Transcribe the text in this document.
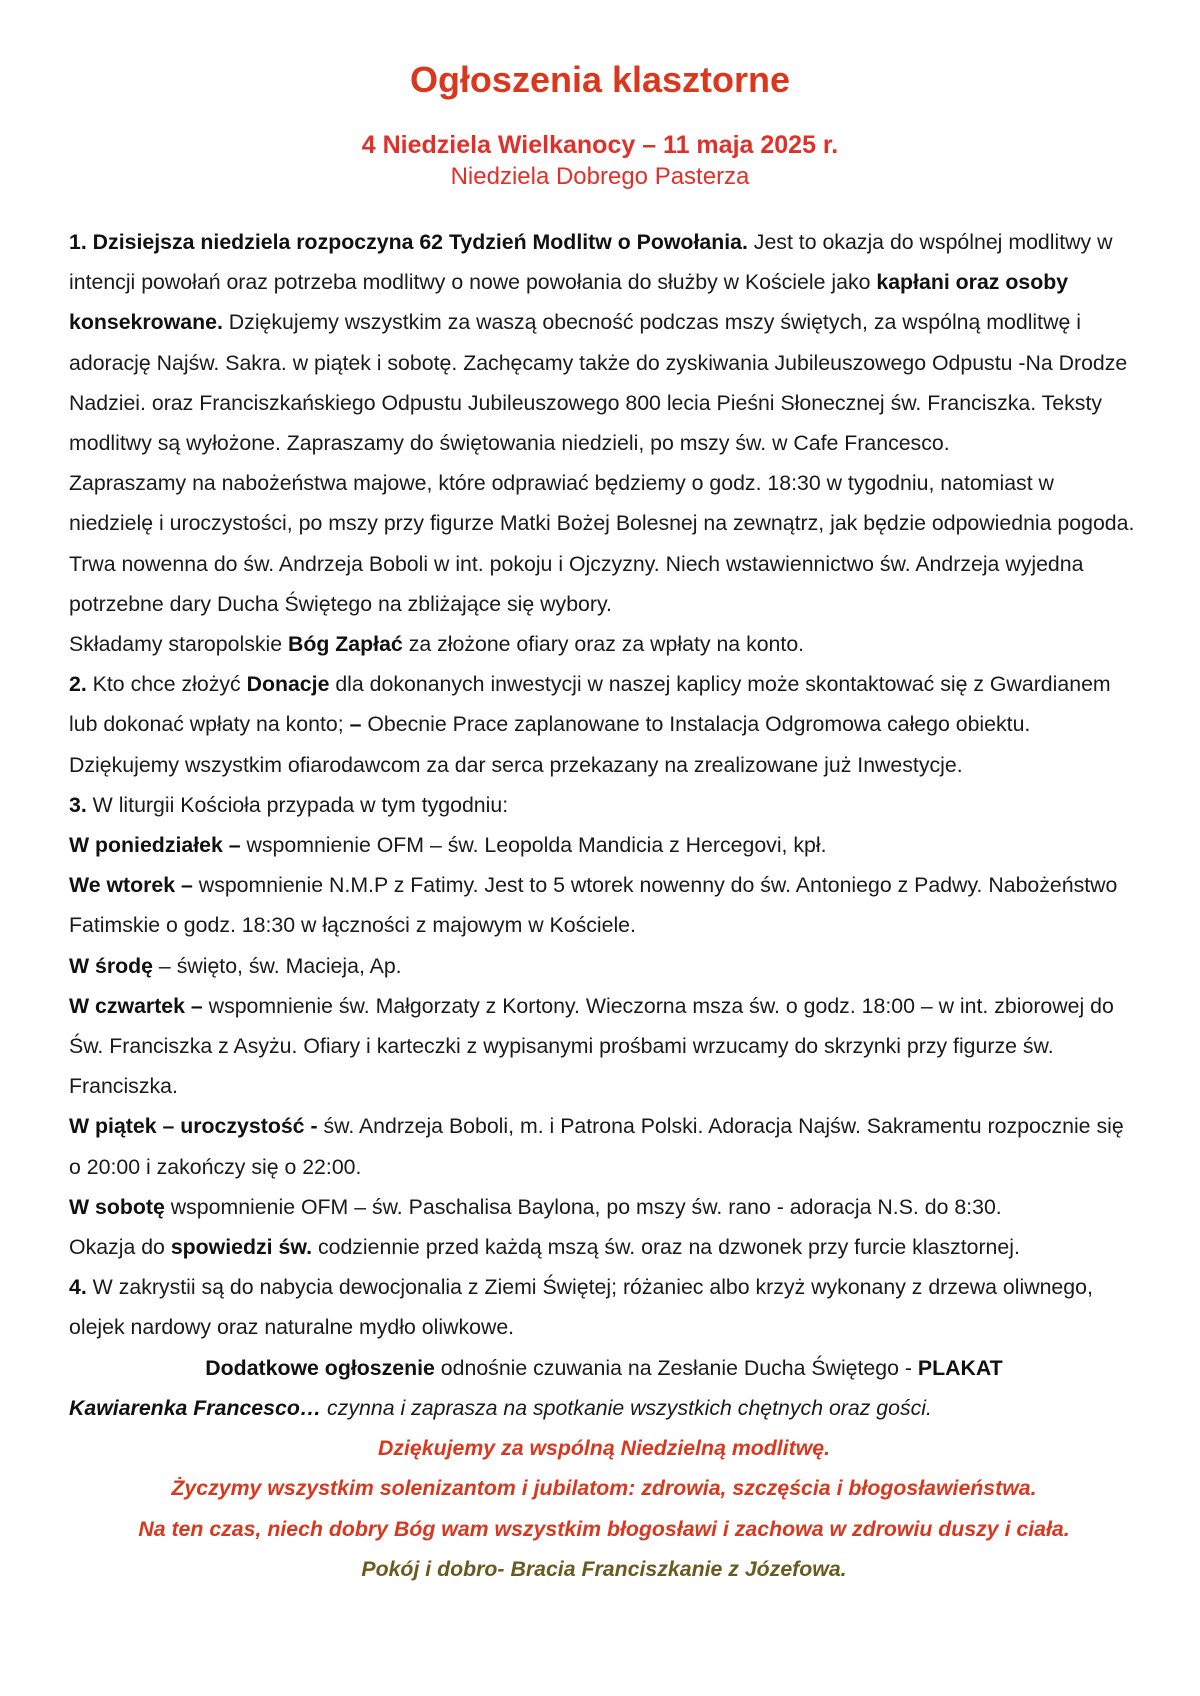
Ogłoszenia klasztorne
4 Niedziela Wielkanocy – 11 maja 2025 r.
Niedziela Dobrego Pasterza

1. Dzisiejsza niedziela rozpoczyna 62 Tydzień Modlitw o Powołania. Jest to okazja do wspólnej modlitwy w intencji powołań oraz potrzeba modlitwy o nowe powołania do służby w Kościele jako kapłani oraz osoby konsekrowane. Dziękujemy wszystkim za waszą obecność podczas mszy świętych, za wspólną modlitwę i adorację Najśw. Sakra. w piątek i sobotę. Zachęcamy także do zyskiwania Jubileuszowego Odpustu -Na Drodze Nadziei. oraz Franciszkańskiego Odpustu Jubileuszowego 800 lecia Pieśni Słonecznej św. Franciszka. Teksty modlitwy są wyłożone. Zapraszamy do świętowania niedzieli, po mszy św. w Cafe Francesco.

Zapraszamy na nabożeństwa majowe, które odprawiać będziemy o godz. 18:30 w tygodniu, natomiast w niedzielę i uroczystości, po mszy przy figurze Matki Bożej Bolesnej na zewnątrz, jak będzie odpowiednia pogoda. Trwa nowenna do św. Andrzeja Boboli w int. pokoju i Ojczyzny. Niech wstawiennictwo św. Andrzeja wyjedna potrzebne dary Ducha Świętego na zbliżające się wybory.

Składamy staropolskie Bóg Zapłać za złożone ofiary oraz za wpłaty na konto.

2. Kto chce złożyć Donacje dla dokonanych inwestycji w naszej kaplicy może skontaktować się z Gwardianem lub dokonać wpłaty na konto; – Obecnie Prace zaplanowane to Instalacja Odgromowa całego obiektu. Dziękujemy wszystkim ofiarodawcom za dar serca przekazany na zrealizowane już Inwestycje.

3. W liturgii Kościoła przypada w tym tygodniu:

W poniedziałek – wspomnienie OFM – św. Leopolda Mandicia z Hercegovi, kpł.

We wtorek – wspomnienie N.M.P z Fatimy. Jest to 5 wtorek nowenny do św. Antoniego z Padwy. Nabożeństwo Fatimskie o godz. 18:30 w łączności z majowym w Kościele.

W środę – święto, św. Macieja, Ap.

W czwartek – wspomnienie św. Małgorzaty z Kortony. Wieczorna msza św. o godz. 18:00 – w int. zbiorowej do Św. Franciszka z Asyżu. Ofiary i karteczki z wypisanymi prośbami wrzucamy do skrzynki przy figurze św. Franciszka.

W piątek – uroczystość - św. Andrzeja Boboli, m. i Patrona Polski. Adoracja Najśw. Sakramentu rozpocznie się o 20:00 i zakończy się o 22:00.

W sobotę wspomnienie OFM – św. Paschalisa Baylona, po mszy św. rano - adoracja N.S. do 8:30.

Okazja do spowiedzi św. codziennie przed każdą mszą św. oraz na dzwonek przy furcie klasztornej.

4. W zakrystii są do nabycia dewocjonalia z Ziemi Świętej; różaniec albo krzyż wykonany z drzewa oliwnego, olejek nardowy oraz naturalne mydło oliwkowe.

Dodatkowe ogłoszenie odnośnie czuwania na Zesłanie Ducha Świętego - PLAKAT

Kawiarenka Francesco… czynna i zaprasza na spotkanie wszystkich chętnych oraz gości.

Dziękujemy za wspólną Niedzielną modlitwę.

Życzymy wszystkim solenizantom i jubilatom: zdrowia, szczęścia i błogosławieństwa.

Na ten czas, niech dobry Bóg wam wszystkim błogosławi i zachowa w zdrowiu duszy i ciała.

Pokój i dobro- Bracia Franciszkanie z Józefowa.
